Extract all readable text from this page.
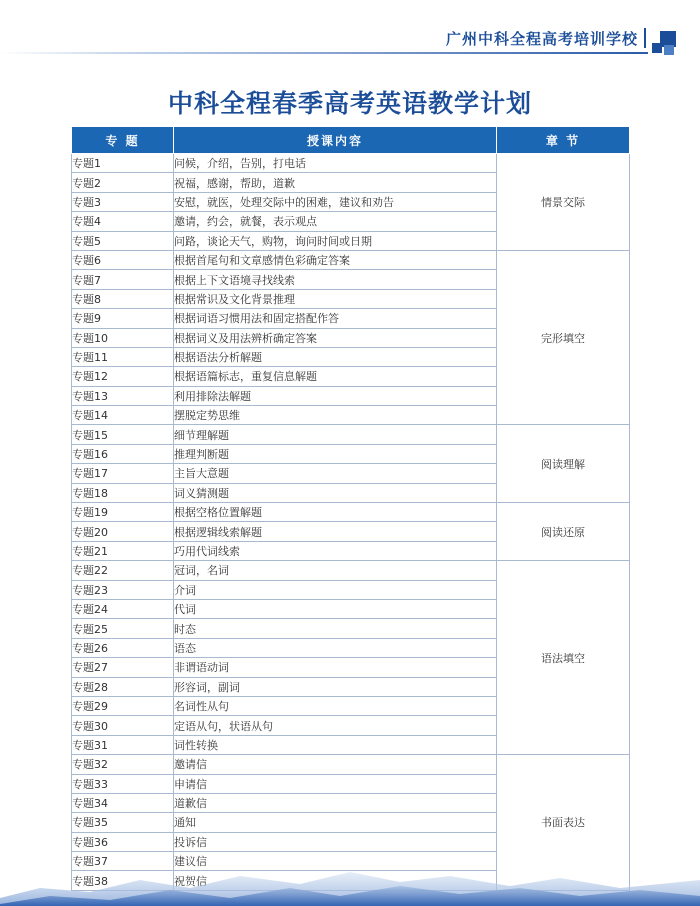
广州中科全程高考培训学校
中科全程春季高考英语教学计划
专 题	授课内容	章 节
专题1	问候，介绍，告别，打电话	情景交际
专题2	祝福，感谢，帮助，道歉	
专题3	安慰，就医，处理交际中的困难，建议和劝告	
专题4	邀请，约会，就餐，表示观点	
专题5	问路，谈论天气，购物，询问时间或日期	
专题6	根据首尾句和文章感情色彩确定答案	完形填空
专题7	根据上下文语境寻找线索	
专题8	根据常识及文化背景推理	
专题9	根据词语习惯用法和固定搭配作答	
专题10	根据词义及用法辨析确定答案	
专题11	根据语法分析解题	
专题12	根据语篇标志，重复信息解题	
专题13	利用排除法解题	
专题14	摆脱定势思维	
专题15	细节理解题	阅读理解
专题16	推理判断题	
专题17	主旨大意题	
专题18	词义猜测题	
专题19	根据空格位置解题	阅读还原
专题20	根据逻辑线索解题	
专题21	巧用代词线索	
专题22	冠词，名词	语法填空
专题23	介词	
专题24	代词	
专题25	时态	
专题26	语态	
专题27	非谓语动词	
专题28	形容词，副词	
专题29	名词性从句	
专题30	定语从句，状语从句	
专题31	词性转换	
专题32	邀请信	书面表达
专题33	申请信	
专题34	道歉信	
专题35	通知	
专题36	投诉信	
专题37	建议信	
专题38	祝贺信	
